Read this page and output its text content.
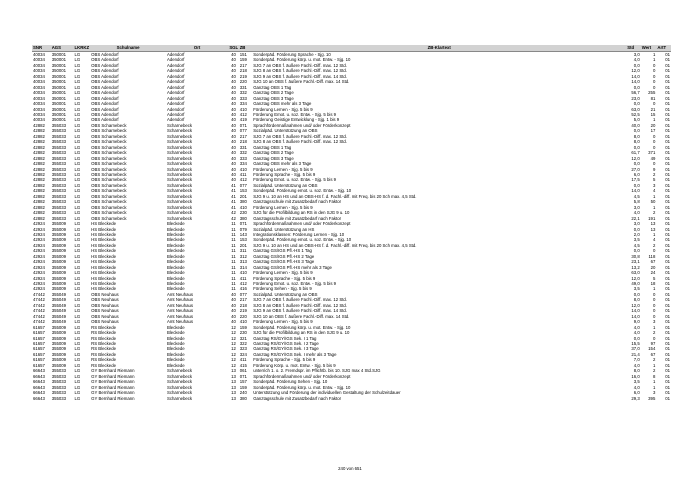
SNR	AGS	LKRKZ	Schulname	Ort	SGL	ZB	ZB-Klartext	Std	Wert	ArtT
40034	350001	LG	OBS Adendorf	Adendorf	40	151	Sonderpäd. Förderung Sprache - Sjg. 10	3,0	1	01
40034	350001	LG	OBS Adendorf	Adendorf	40	159	Sonderpäd. Förderung körp. u. mot. Entw. - Sjg. 10	4,0	1	01
40034	350001	LG	OBS Adendorf	Adendorf	40	217	SJG 7 an OBS f. äußere Fachl.-Diff. max. 12 Std.	0,0	0	01
40034	350001	LG	OBS Adendorf	Adendorf	40	218	SJG 8 an OBS f. äußere Fachl.-Diff. max. 12 Std.	12,0	0	01
40034	350001	LG	OBS Adendorf	Adendorf	40	219	SJG 9 an OBS f. äußere Fachl.-Diff. max. 14 Std.	14,0	0	01
40034	350001	LG	OBS Adendorf	Adendorf	40	220	SJG 10 an OBS f. äußere Fachl.-Diff. max. 14 Std.	14,0	0	01
40034	350001	LG	OBS Adendorf	Adendorf	40	331	Ganztag OBS 1 Tag	0,0	0	01
40034	350001	LG	OBS Adendorf	Adendorf	40	332	Ganztag OBS 2 Tage	56,7	255	01
40034	350001	LG	OBS Adendorf	Adendorf	40	333	Ganztag OBS 3 Tage	23,0	81	01
40034	350001	LG	OBS Adendorf	Adendorf	40	334	Ganztag OBS mehr als 3 Tage	0,0	0	01
40034	350001	LG	OBS Adendorf	Adendorf	40	410	Förderung Lernen - Sjg. 5 bis 9	63,0	21	01
40034	350001	LG	OBS Adendorf	Adendorf	40	412	Förderung Emot. u. soz. Entw. - Sjg. 5 bis 9	52,5	15	01
40034	350001	LG	OBS Adendorf	Adendorf	40	419	Förderung Geistige Entwicklung - Sjg. 1 bis 9	5,0	1	01
42882	355033	LG	OBS Scharnebeck	Scharnebeck	40	071	Sprachfördermaßnahmen und/ oder Förderkonzept	40,0	20	01
42882	355033	LG	OBS Scharnebeck	Scharnebeck	40	077	Sozialpäd. Unterstützung an OBS	0,0	17	01
42882	355033	LG	OBS Scharnebeck	Scharnebeck	40	217	SJG 7 an OBS f. äußere Fachl.-Diff. max. 12 Std.	8,0	0	01
42882	355033	LG	OBS Scharnebeck	Scharnebeck	40	218	SJG 8 an OBS f. äußere Fachl.-Diff. max. 12 Std.	8,0	0	01
42882	355033	LG	OBS Scharnebeck	Scharnebeck	40	331	Ganztag OBS 1 Tag	0,0	0	01
42882	355033	LG	OBS Scharnebeck	Scharnebeck	40	332	Ganztag OBS 2 Tage	61,7	371	01
42882	355033	LG	OBS Scharnebeck	Scharnebeck	40	333	Ganztag OBS 3 Tage	12,0	49	01
42882	355033	LG	OBS Scharnebeck	Scharnebeck	40	334	Ganztag OBS mehr als 3 Tage	0,0	0	01
42882	355033	LG	OBS Scharnebeck	Scharnebeck	40	410	Förderung Lernen - Sjg. 5 bis 9	27,0	9	01
42882	355033	LG	OBS Scharnebeck	Scharnebeck	40	411	Förderung Sprache - Sjg. 5 bis 9	6,0	2	01
42882	355033	LG	OBS Scharnebeck	Scharnebeck	40	412	Förderung Emot. u. soz. Entw. - Sjg. 5 bis 9	17,5	5	01
42882	355033	LG	OBS Scharnebeck	Scharnebeck	41	077	Sozialpäd. Unterstützung an OBS	0,0	3	01
42882	355033	LG	OBS Scharnebeck	Scharnebeck	41	153	Sonderpäd. Förderung emot. u. soz. Entw. - Sjg. 10	14,0	4	01
42882	355033	LG	OBS Scharnebeck	Scharnebeck	41	201	SJG 9 u. 10 an HS und an OBS-HS f. d. Fachl.-diff. mit Freq. bis 20 Sch max. 4,5 Std.	4,5	1	01
42882	355033	LG	OBS Scharnebeck	Scharnebeck	41	380	Ganztagsschule mit Zusatzbedarf nach Faktor	5,8	50	01
42882	355033	LG	OBS Scharnebeck	Scharnebeck	41	410	Förderung Lernen - Sjg. 5 bis 9	3,0	1	01
42882	355033	LG	OBS Scharnebeck	Scharnebeck	42	230	SJG für die Profilbildung an RS in den SJG 9 u. 10	4,0	2	01
42882	355033	LG	OBS Scharnebeck	Scharnebeck	42	380	Ganztagsschule mit Zusatzbedarf nach Faktor	22,1	191	01
42924	355009	LG	HS Bleckede	Bleckede	11	071	Sprachfördermaßnahmen und/ oder Förderkonzept	3,0	13	01
42924	355009	LG	HS Bleckede	Bleckede	11	079	Sozialpäd. Unterstützung an HS	0,0	13	01
42924	355009	LG	HS Bleckede	Bleckede	11	143	Integrationsklassen: Förderung Lernen - Sjg. 10	2,0	1	01
42924	355009	LG	HS Bleckede	Bleckede	11	153	Sonderpäd. Förderung emot. u. soz. Entw. - Sjg. 10	3,5	4	01
42924	355009	LG	HS Bleckede	Bleckede	11	201	SJG 9 u. 10 an HS und an OBS-HS f. d. Fachl.-diff. mit Freq. bis 20 Sch max. 4,5 Std.	4,5	2	01
42924	355009	LG	HS Bleckede	Bleckede	11	311	Ganztag GS/IGS Pfl.-HS 1 Tag	0,0	0	01
42924	355009	LG	HS Bleckede	Bleckede	11	312	Ganztag GS/IGS Pfl.-HS 2 Tage	30,8	118	01
42924	355009	LG	HS Bleckede	Bleckede	11	313	Ganztag GS/IGS Pfl.-HS 3 Tage	23,1	67	01
42924	355009	LG	HS Bleckede	Bleckede	11	314	Ganztag GS/IGS Pfl.-HS mehr als 3 Tage	13,2	20	01
42924	355009	LG	HS Bleckede	Bleckede	11	410	Förderung Lernen - Sjg. 5 bis 9	63,0	24	01
42924	355009	LG	HS Bleckede	Bleckede	11	411	Förderung Sprache - Sjg. 5 bis 9	12,0	5	01
42924	355009	LG	HS Bleckede	Bleckede	11	412	Förderung Emot. u. soz. Entw. - Sjg. 5 bis 9	49,0	18	01
42924	355009	LG	HS Bleckede	Bleckede	11	416	Förderung Sehen - Sjg. 5 bis 9	3,5	1	01
47442	355049	LG	OBS Neuhaus	Amt Neuhaus	40	077	Sozialpäd. Unterstützung an OBS	0,0	0	01
47442	355049	LG	OBS Neuhaus	Amt Neuhaus	40	217	SJG 7 an OBS f. äußere Fachl.-Diff. max. 12 Std.	8,0	0	01
47442	355049	LG	OBS Neuhaus	Amt Neuhaus	40	218	SJG 8 an OBS f. äußere Fachl.-Diff. max. 12 Std.	12,0	0	01
47442	355049	LG	OBS Neuhaus	Amt Neuhaus	40	219	SJG 9 an OBS f. äußere Fachl.-Diff. max. 14 Std.	14,0	0	01
47442	355049	LG	OBS Neuhaus	Amt Neuhaus	40	220	SJG 10 an OBS f. äußere Fachl.-Diff. max. 14 Std.	14,0	0	01
47442	355049	LG	OBS Neuhaus	Amt Neuhaus	40	410	Förderung Lernen - Sjg. 5 bis 9	9,0	3	01
61657	355009	LG	RS Bleckede	Bleckede	12	159	Sonderpäd. Förderung körp. u. mot. Entw. - Sjg. 10	4,0	1	01
61657	355009	LG	RS Bleckede	Bleckede	12	230	SJG für die Profilbildung an RS in den SJG 9 u. 10	4,0	2	01
61657	355009	LG	RS Bleckede	Bleckede	12	321	Ganztag RS/GY/IGS Sek. I 1 Tag	0,0	0	01
61657	355009	LG	RS Bleckede	Bleckede	12	322	Ganztag RS/GY/IGS Sek. I 2 Tage	15,5	97	01
61657	355009	LG	RS Bleckede	Bleckede	12	323	Ganztag RS/GY/IGS Sek. I 3 Tage	37,0	154	01
61657	355009	LG	RS Bleckede	Bleckede	12	324	Ganztag RS/GY/IGS Sek. I mehr als 3 Tage	21,4	67	01
61657	355009	LG	RS Bleckede	Bleckede	12	411	Förderung Sprache - Sjg. 5 bis 9	7,0	2	01
61657	355009	LG	RS Bleckede	Bleckede	12	415	Förderung Körp. u. mot. Entw. - Sjg. 5 bis 9	4,0	1	01
66643	355033	LG	GY Bernhard Riemann	Scharnebeck	13	061	unterrich 1. o. 2. Fremdspr. im Pflichtb. bis 10. SJG max 4 Std.SJG	8,0	2	01
66643	355033	LG	GY Bernhard Riemann	Scharnebeck	13	071	Sprachfördermaßnahmen und/ oder Förderkonzept	16,0	8	01
66643	355033	LG	GY Bernhard Riemann	Scharnebeck	13	157	Sonderpäd. Förderung Sehen - Sjg. 10	3,5	1	01
66643	355033	LG	GY Bernhard Riemann	Scharnebeck	13	159	Sonderpäd. Förderung körp. u. mot. Entw. - Sjg. 10	4,0	1	01
66643	355033	LG	GY Bernhard Riemann	Scharnebeck	13	240	Unterstützung und Förderung der individuellen Gestaltung der Schulzeitdauer	6,0	3	01
66643	355033	LG	GY Bernhard Riemann	Scharnebeck	13	380	Ganztagsschule mit Zusatzbedarf nach Faktor	29,3	395	01
240 von 651
